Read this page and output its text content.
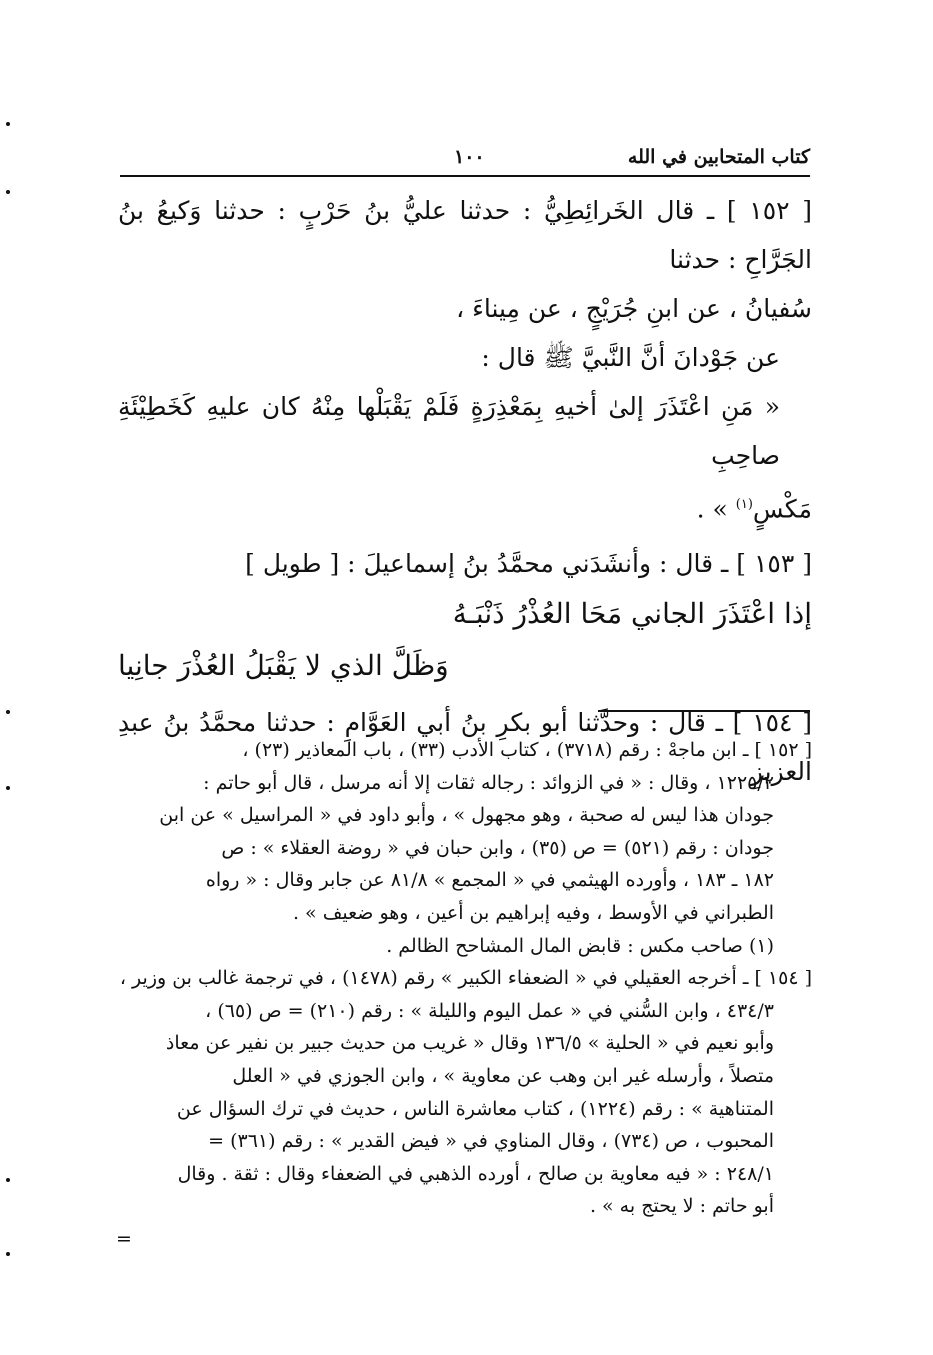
كتاب المتحابين في الله
١٠٠

[ ١٥٢ ] ـ قال الخَرائِطِيُّ : حدثنا عليُّ بنُ حَرْبٍ : حدثنا وَكيعُ بنُ الجَرَّاحِ : حدثنا

سُفيانُ ، عن ابنِ جُرَيْجٍ ، عن مِيناءَ ،

عن جَوْدانَ أنَّ النَّبيَّ ﷺ قال :

« مَنِ اعْتَذَرَ إلىٰ أخيهِ بِمَعْذِرَةٍ فَلَمْ يَقْبَلْها مِنْهُ كان عليهِ كَخَطِيْئَةِ صاحِبِ

مَكْسٍ$^{(١)}$ » .

[ ١٥٣ ] ـ قال : وأنشَدَني محمَّدُ بنُ إسماعيلَ : [ طويل ]

إذا اعْتَذَرَ الجاني مَحَا العُذْرُ ذَنْبَـهُ

وَظَلَّ الذي لا يَقْبَلُ العُذْرَ جانِيا

[ ١٥٤ ] ـ قال : وحدَّثنا أبو بكرِ بنُ أبي العَوَّامِ : حدثنا محمَّدُ بنُ عبدِ العزيزِ

[ ١٥٢ ] ـ ابن ماجهْ : رقم (٣٧١٨) ، كتاب الأدب (٣٣) ، باب المعاذير (٢٣) ،

١٢٢٥/٢ ، وقال : « في الزوائد : رجاله ثقات إلا أنه مرسل ، قال أبو حاتم :

جودان هذا ليس له صحبة ، وهو مجهول » ، وأبو داود في « المراسيل » عن ابن

جودان : رقم (٥٢١) = ص (٣٥) ، وابن حبان في « روضة العقلاء » : ص

١٨٢ ـ ١٨٣ ، وأورده الهيثمي في « المجمع » ٨١/٨ عن جابر وقال : « رواه

الطبراني في الأوسط ، وفيه إبراهيم بن أعين ، وهو ضعيف » .

(١) صاحب مكس : قابض المال المشاحح الظالم .

[ ١٥٤ ] ـ أخرجه العقيلي في « الضعفاء الكبير » رقم (١٤٧٨) ، في ترجمة غالب بن وزير ،

٤٣٤/٣ ، وابن السُّني في « عمل اليوم والليلة » : رقم (٢١٠) = ص (٦٥) ،

وأبو نعيم في « الحلية » ١٣٦/٥ وقال « غريب من حديث جبير بن نفير عن معاذ

متصلاً ، وأرسله غير ابن وهب عن معاوية » ، وابن الجوزي في « العلل

المتناهية » : رقم (١٢٢٤) ، كتاب معاشرة الناس ، حديث في ترك السؤال عن

المحبوب ، ص (٧٣٤) ، وقال المناوي في « فيض القدير » : رقم (٣٦١) =

٢٤٨/١ : « فيه معاوية بن صالح ، أورده الذهبي في الضعفاء وقال : ثقة . وقال

أبو حاتم : لا يحتج به » .

=
